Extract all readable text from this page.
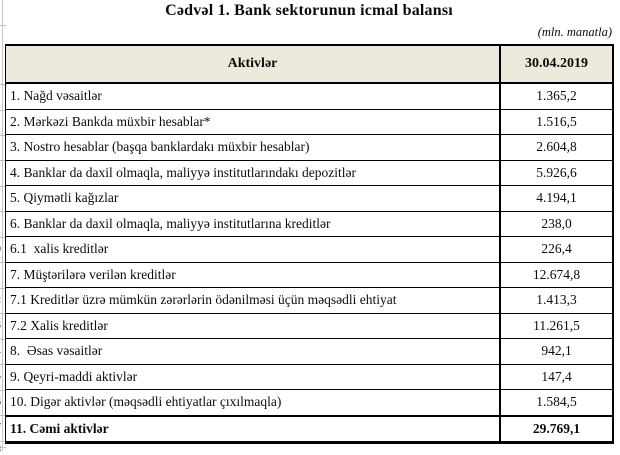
Cədvəl 1. Bank sektorunun icmal balansı
(mln. manatla)
Aktivlər	30.04.2019
1. Nağd vəsaitlər	1.365,2
2. Mərkəzi Bankda müxbir hesablar*	1.516,5
3. Nostro hesablar (başqa banklardakı müxbir hesablar)	2.604,8
4. Banklar da daxil olmaqla, maliyyə institutlarındakı depozitlər	5.926,6
5. Qiymətli kağızlar	4.194,1
6. Banklar da daxil olmaqla, maliyyə institutlarına kreditlər	238,0
6.1  xalis kreditlər	226,4
7. Müştərilərə verilən kreditlər	12.674,8
7.1 Kreditlər üzrə mümkün zərərlərin ödənilməsi üçün məqsədli ehtiyat	1.413,3
7.2 Xalis kreditlər	11.261,5
8.  Əsas vəsaitlər	942,1
9. Qeyri-maddi aktivlər	147,4
10. Digər aktivlər (məqsədli ehtiyatlar çıxılmaqla)	1.584,5
11. Cəmi aktivlər	29.769,1
